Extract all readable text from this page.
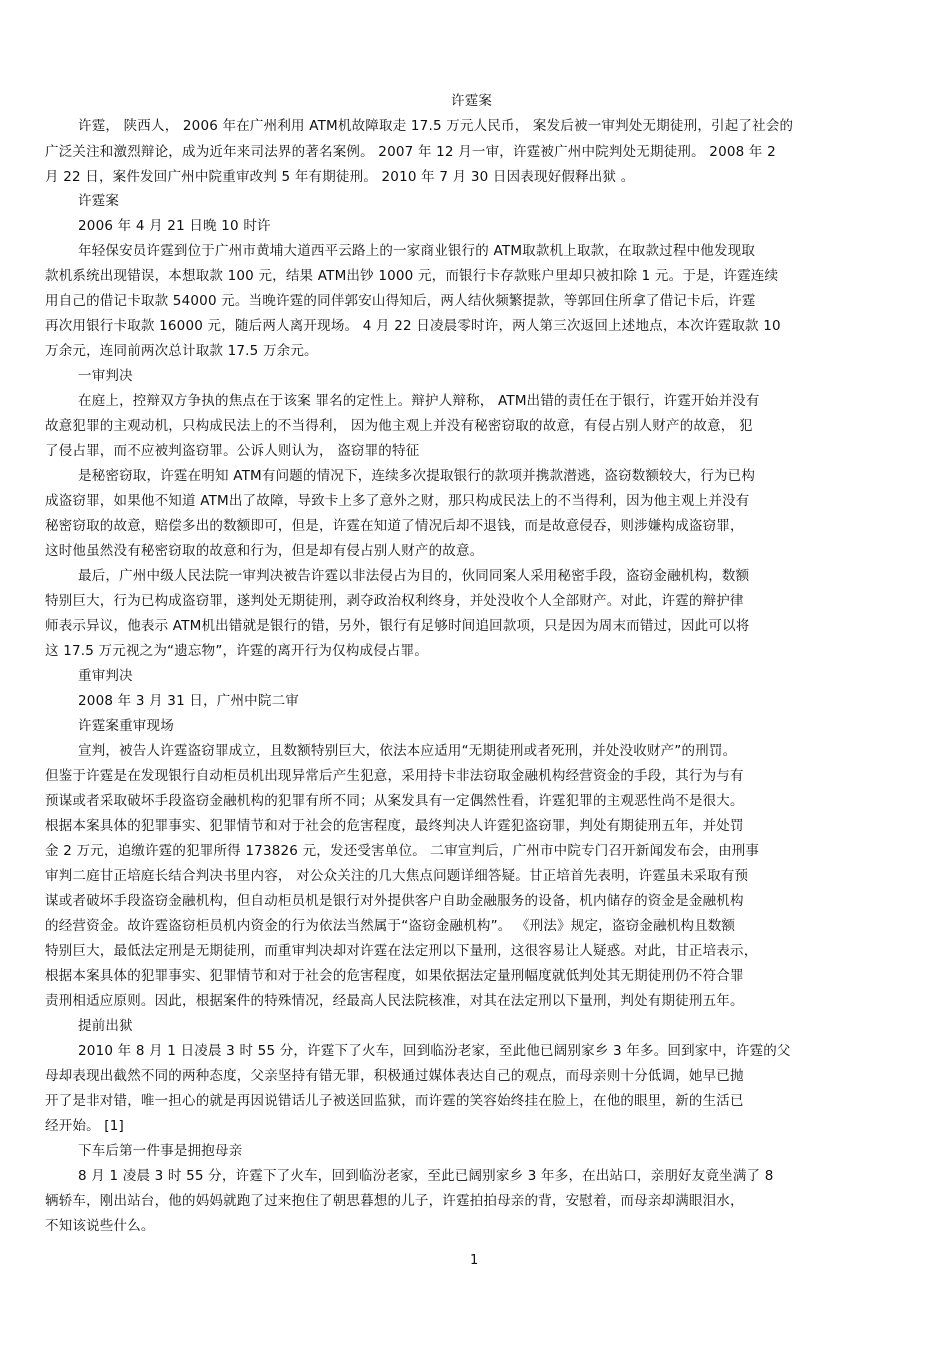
许霆案
许霆， 陕西人， 2006 年在广州利用 ATM机故障取走 17.5 万元人民币， 案发后被一审判处无期徒刑，引起了社会的
广泛关注和激烈辩论，成为近年来司法界的著名案例。 2007 年 12 月一审，许霆被广州中院判处无期徒刑。 2008 年 2
月 22 日，案件发回广州中院重审改判 5 年有期徒刑。 2010 年 7 月 30 日因表现好假释出狱 。
许霆案
2006 年 4 月 21 日晚 10 时许
年轻保安员许霆到位于广州市黄埔大道西平云路上的一家商业银行的 ATM取款机上取款，在取款过程中他发现取
款机系统出现错误，本想取款 100 元，结果 ATM出钞 1000 元，而银行卡存款账户里却只被扣除 1 元。于是，许霆连续
用自己的借记卡取款 54000 元。当晚许霆的同伴郭安山得知后，两人结伙频繁提款，等郭回住所拿了借记卡后，许霆
再次用银行卡取款 16000 元，随后两人离开现场。 4 月 22 日凌晨零时许，两人第三次返回上述地点，本次许霆取款 10
万余元，连同前两次总计取款 17.5 万余元。
一审判决
在庭上，控辩双方争执的焦点在于该案 罪名的定性上。辩护人辩称， ATM出错的责任在于银行，许霆开始并没有
故意犯罪的主观动机，只构成民法上的不当得利， 因为他主观上并没有秘密窃取的故意，有侵占别人财产的故意， 犯
了侵占罪，而不应被判盗窃罪。公诉人则认为， 盗窃罪的特征
是秘密窃取，许霆在明知 ATM有问题的情况下，连续多次提取银行的款项并携款潜逃，盗窃数额较大，行为已构
成盗窃罪，如果他不知道 ATM出了故障，导致卡上多了意外之财，那只构成民法上的不当得利，因为他主观上并没有
秘密窃取的故意，赔偿多出的数额即可，但是，许霆在知道了情况后却不退钱，而是故意侵吞，则涉嫌构成盗窃罪，
这时他虽然没有秘密窃取的故意和行为，但是却有侵占别人财产的故意。
最后，广州中级人民法院一审判决被告许霆以非法侵占为目的，伙同同案人采用秘密手段，盗窃金融机构，数额
特别巨大，行为已构成盗窃罪，遂判处无期徒刑，剥夺政治权利终身，并处没收个人全部财产。对此，许霆的辩护律
师表示异议，他表示 ATM机出错就是银行的错，另外，银行有足够时间追回款项，只是因为周末而错过，因此可以将
这 17.5 万元视之为“遗忘物”，许霆的离开行为仅构成侵占罪。
重审判决
2008 年 3 月 31 日，广州中院二审
许霆案重审现场
宣判，被告人许霆盗窃罪成立，且数额特别巨大，依法本应适用“无期徒刑或者死刑，并处没收财产”的刑罚。
但鉴于许霆是在发现银行自动柜员机出现异常后产生犯意，采用持卡非法窃取金融机构经营资金的手段，其行为与有
预谋或者采取破坏手段盗窃金融机构的犯罪有所不同；从案发具有一定偶然性看，许霆犯罪的主观恶性尚不是很大。
根据本案具体的犯罪事实、犯罪情节和对于社会的危害程度，最终判决人许霆犯盗窃罪，判处有期徒刑五年，并处罚
金 2 万元，追缴许霆的犯罪所得 173826 元，发还受害单位。 二审宣判后，广州市中院专门召开新闻发布会，由刑事
审判二庭甘正培庭长结合判决书里内容， 对公众关注的几大焦点问题详细答疑。甘正培首先表明，许霆虽未采取有预
谋或者破坏手段盗窃金融机构，但自动柜员机是银行对外提供客户自助金融服务的设备，机内储存的资金是金融机构
的经营资金。故许霆盗窃柜员机内资金的行为依法当然属于“盗窃金融机构”。 《刑法》规定，盗窃金融机构且数额
特别巨大，最低法定刑是无期徒刑，而重审判决却对许霆在法定刑以下量刑，这很容易让人疑惑。对此，甘正培表示，
根据本案具体的犯罪事实、犯罪情节和对于社会的危害程度，如果依据法定量刑幅度就低判处其无期徒刑仍不符合罪
责刑相适应原则。因此，根据案件的特殊情况，经最高人民法院核准，对其在法定刑以下量刑，判处有期徒刑五年。
提前出狱
2010 年 8 月 1 日凌晨 3 时 55 分，许霆下了火车，回到临汾老家，至此他已阔别家乡 3 年多。回到家中，许霆的父
母却表现出截然不同的两种态度，父亲坚持有错无罪，积极通过媒体表达自己的观点，而母亲则十分低调，她早已抛
开了是非对错，唯一担心的就是再因说错话儿子被送回监狱，而许霆的笑容始终挂在脸上，在他的眼里，新的生活已
经开始。 [1]
下车后第一件事是拥抱母亲
8 月 1 凌晨 3 时 55 分，许霆下了火车，回到临汾老家，至此已阔别家乡 3 年多，在出站口，亲朋好友竟坐满了 8
辆轿车，刚出站台，他的妈妈就跑了过来抱住了朝思暮想的儿子，许霆拍拍母亲的背，安慰着，而母亲却满眼泪水，
不知该说些什么。
1
